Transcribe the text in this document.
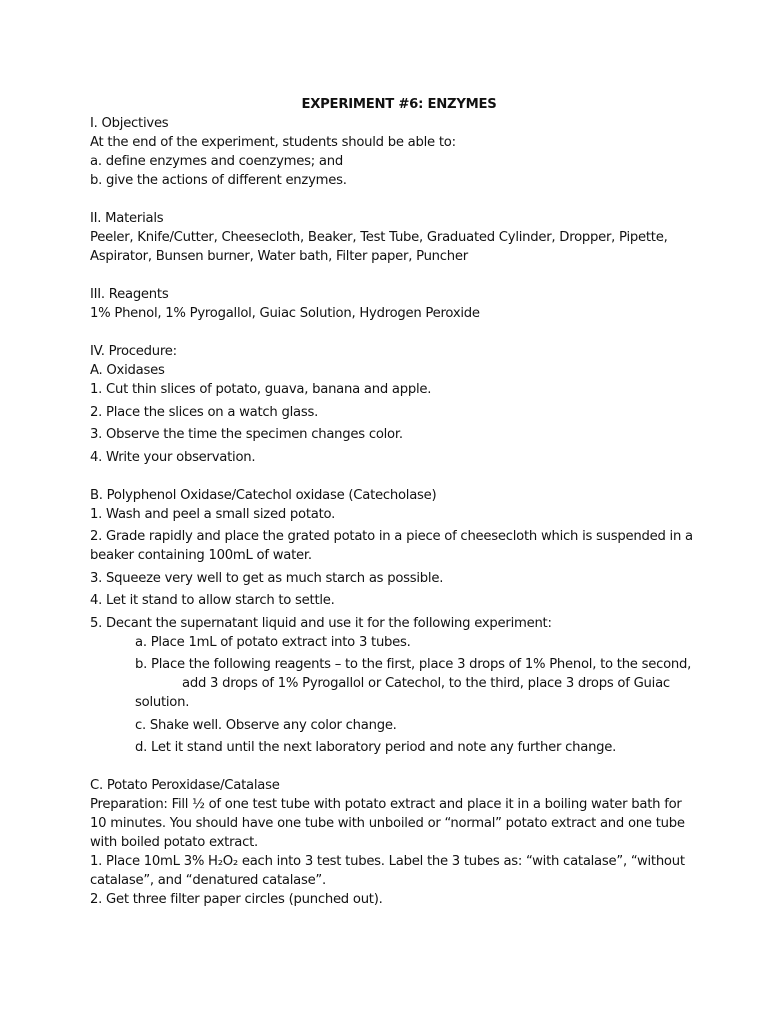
EXPERIMENT #6: ENZYMES
I. Objectives
At the end of the experiment, students should be able to:
a. define enzymes and coenzymes; and
b. give the actions of different enzymes.
II. Materials
Peeler, Knife/Cutter, Cheesecloth, Beaker, Test Tube, Graduated Cylinder, Dropper, Pipette,
Aspirator, Bunsen burner, Water bath, Filter paper, Puncher
III. Reagents
1% Phenol, 1% Pyrogallol, Guiac Solution, Hydrogen Peroxide
IV. Procedure:
A. Oxidases
1. Cut thin slices of potato, guava, banana and apple.
2. Place the slices on a watch glass.
3. Observe the time the specimen changes color.
4. Write your observation.
B. Polyphenol Oxidase/Catechol oxidase (Catecholase)
1. Wash and peel a small sized potato.
2. Grade rapidly and place the grated potato in a piece of cheesecloth which is suspended in a
beaker containing 100mL of water.
3. Squeeze very well to get as much starch as possible.
4. Let it stand to allow starch to settle.
5. Decant the supernatant liquid and use it for the following experiment:
a. Place 1mL of potato extract into 3 tubes.
b. Place the following reagents – to the first, place 3 drops of 1% Phenol, to the second,
add 3 drops of 1% Pyrogallol or Catechol, to the third, place 3 drops of Guiac
solution.
c. Shake well. Observe any color change.
d. Let it stand until the next laboratory period and note any further change.
C. Potato Peroxidase/Catalase
Preparation: Fill ½ of one test tube with potato extract and place it in a boiling water bath for
10 minutes. You should have one tube with unboiled or “normal” potato extract and one tube
with boiled potato extract.
1. Place 10mL 3% H₂O₂ each into 3 test tubes. Label the 3 tubes as: “with catalase”, “without
catalase”, and “denatured catalase”.
2. Get three filter paper circles (punched out).
